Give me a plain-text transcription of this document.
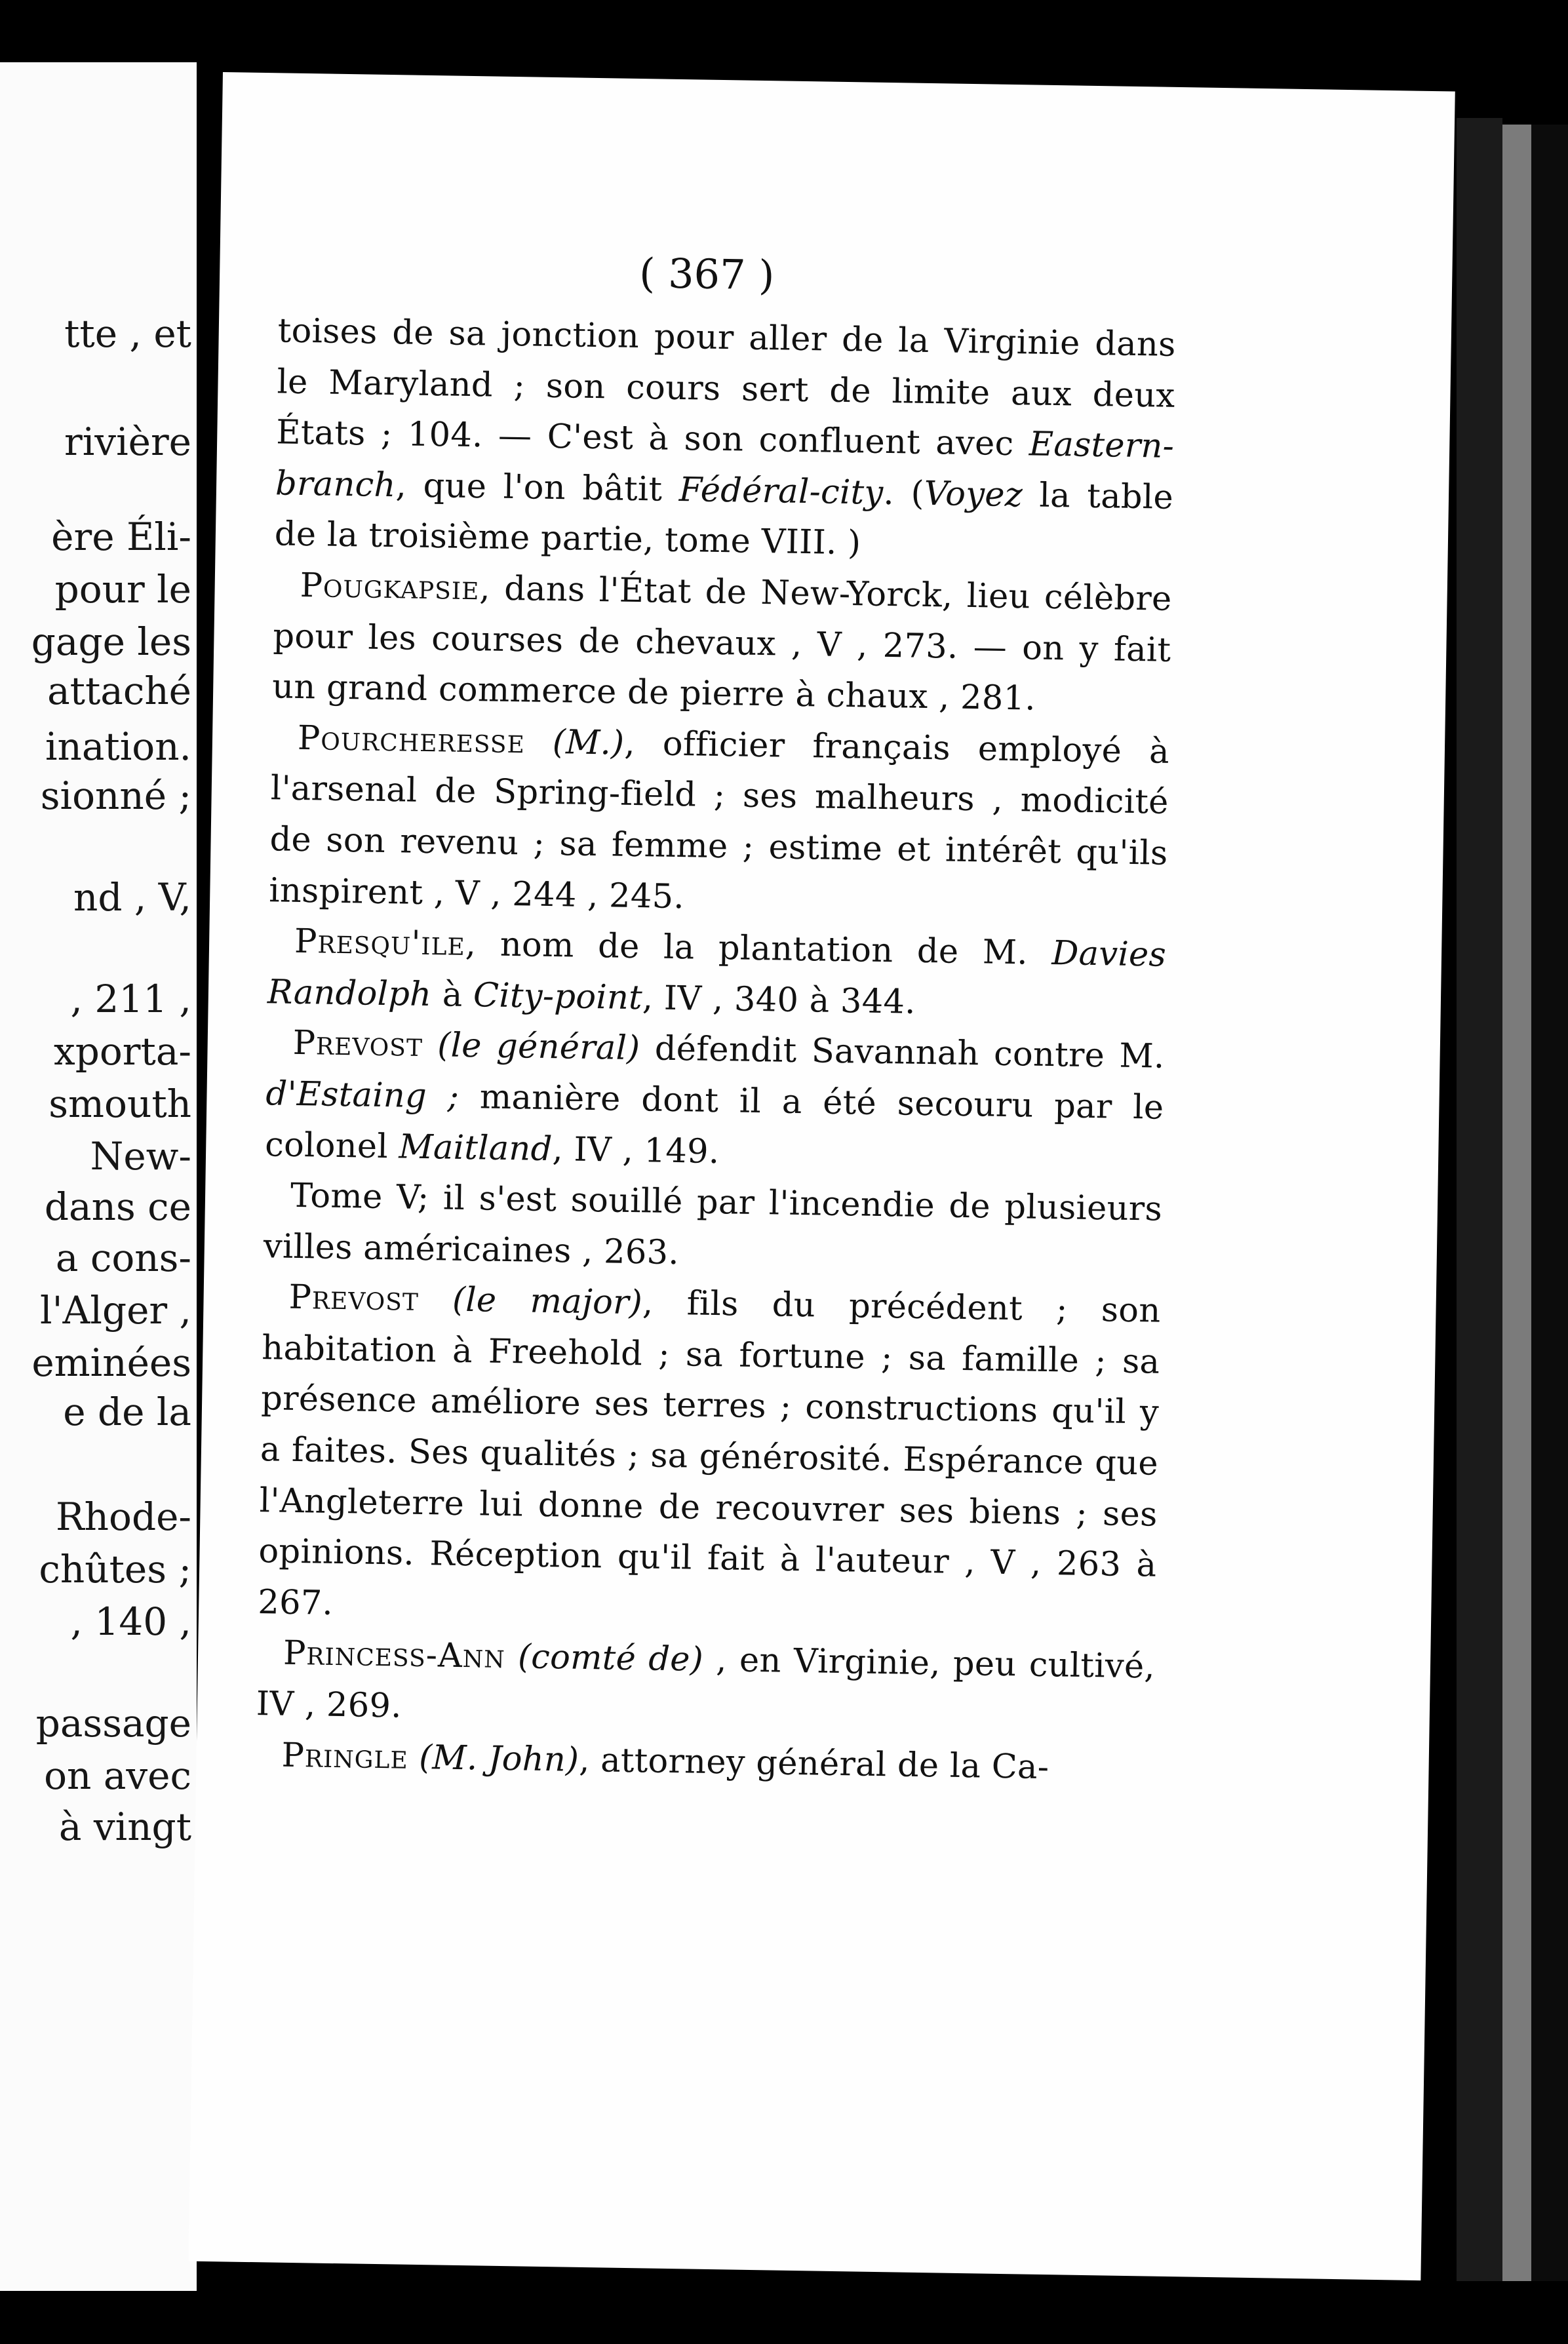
tte , et
rivière
ère Éli-
pour le
gage les
attaché
ination.
sionné ;
nd , V,
, 211 ,
xporta-
smouth
New-
dans ce
a cons-
l'Alger ,
eminées
e de la
Rhode-
chûtes ;
, 140 ,
passage
on avec
à vingt
( 367 )

toises de sa jonction pour aller de la Virginie dans le Maryland ; son cours sert de limite aux deux États ; 104. — C'est à son confluent avec Eastern-branch, que l'on bâtit Fédéral-city. (Voyez la table de la troisième partie, tome VIII. )

Pougkapsie, dans l'État de New-Yorck, lieu célèbre pour les courses de chevaux , V , 273. — on y fait un grand commerce de pierre à chaux , 281.

Pourcheresse (M.), officier français employé à l'arsenal de Spring-field ; ses malheurs , modicité de son revenu ; sa femme ; estime et intérêt qu'ils inspirent , V , 244 , 245.

Presqu'ile, nom de la plantation de M. Davies Randolph à City-point, IV , 340 à 344.

Prevost (le général) défendit Savannah contre M. d'Estaing ; manière dont il a été secouru par le colonel Maitland, IV , 149.

Tome V; il s'est souillé par l'incendie de plusieurs villes américaines , 263.

Prevost (le major), fils du précédent ; son habitation à Freehold ; sa fortune ; sa famille ; sa présence améliore ses terres ; constructions qu'il y a faites. Ses qualités ; sa générosité. Espérance que l'Angleterre lui donne de recouvrer ses biens ; ses opinions. Réception qu'il fait à l'auteur , V , 263 à 267.

Princess-Ann (comté de) , en Virginie, peu cultivé, IV , 269.

Pringle (M. John), attorney général de la Ca-
